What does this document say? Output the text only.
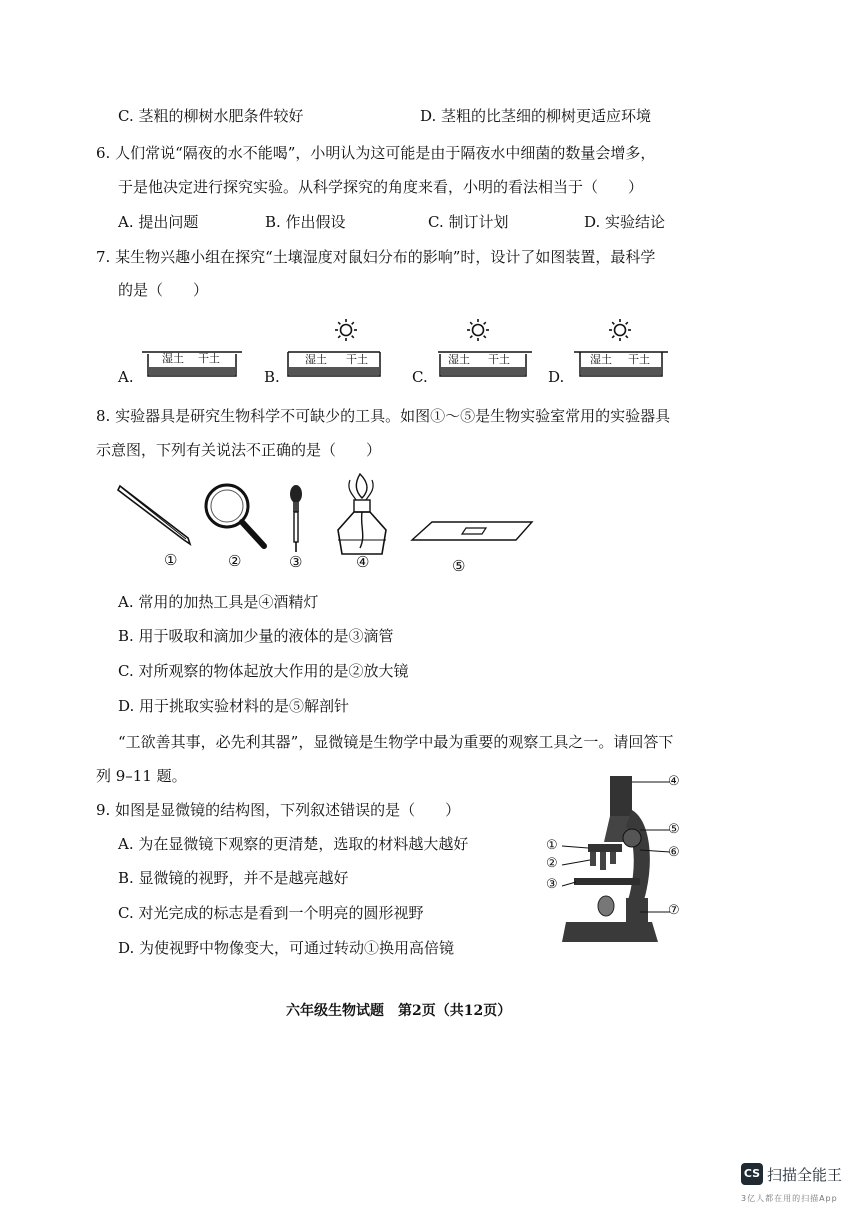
C. 茎粗的柳树水肥条件较好	D. 茎粗的比茎细的柳树更适应环境
6. 人们常说“隔夜的水不能喝”，小明认为这可能是由于隔夜水中细菌的数量会增多，
于是他决定进行探究实验。从科学探究的角度来看，小明的看法相当于（　　）
A. 提出问题	B. 作出假设	C. 制订计划	D. 实验结论
7. 某生物兴趣小组在探究“土壤湿度对鼠妇分布的影响”时，设计了如图装置，最科学
的是（　　）
A.	B.	C.	D.
湿土 干土	湿土 干土	湿土 干土	湿土 干土
8. 实验器具是研究生物科学不可缺少的工具。如图①～⑤是生物实验室常用的实验器具
示意图，下列有关说法不正确的是（　　）
①	②	③	④	⑤
A. 常用的加热工具是④酒精灯
B. 用于吸取和滴加少量的液体的是③滴管
C. 对所观察的物体起放大作用的是②放大镜
D. 用于挑取实验材料的是⑤解剖针
“工欲善其事，必先利其器”，显微镜是生物学中最为重要的观察工具之一。请回答下
列 9–11 题。
9. 如图是显微镜的结构图，下列叙述错误的是（　　）
A. 为在显微镜下观察的更清楚，选取的材料越大越好
B. 显微镜的视野，并不是越亮越好
C. 对光完成的标志是看到一个明亮的圆形视野
D. 为使视野中物像变大，可通过转动①换用高倍镜
④
⑤
⑥
①
②
③
⑦
六年级生物试题　第2页（共12页）
CS 扫描全能王
3亿人都在用的扫描App
